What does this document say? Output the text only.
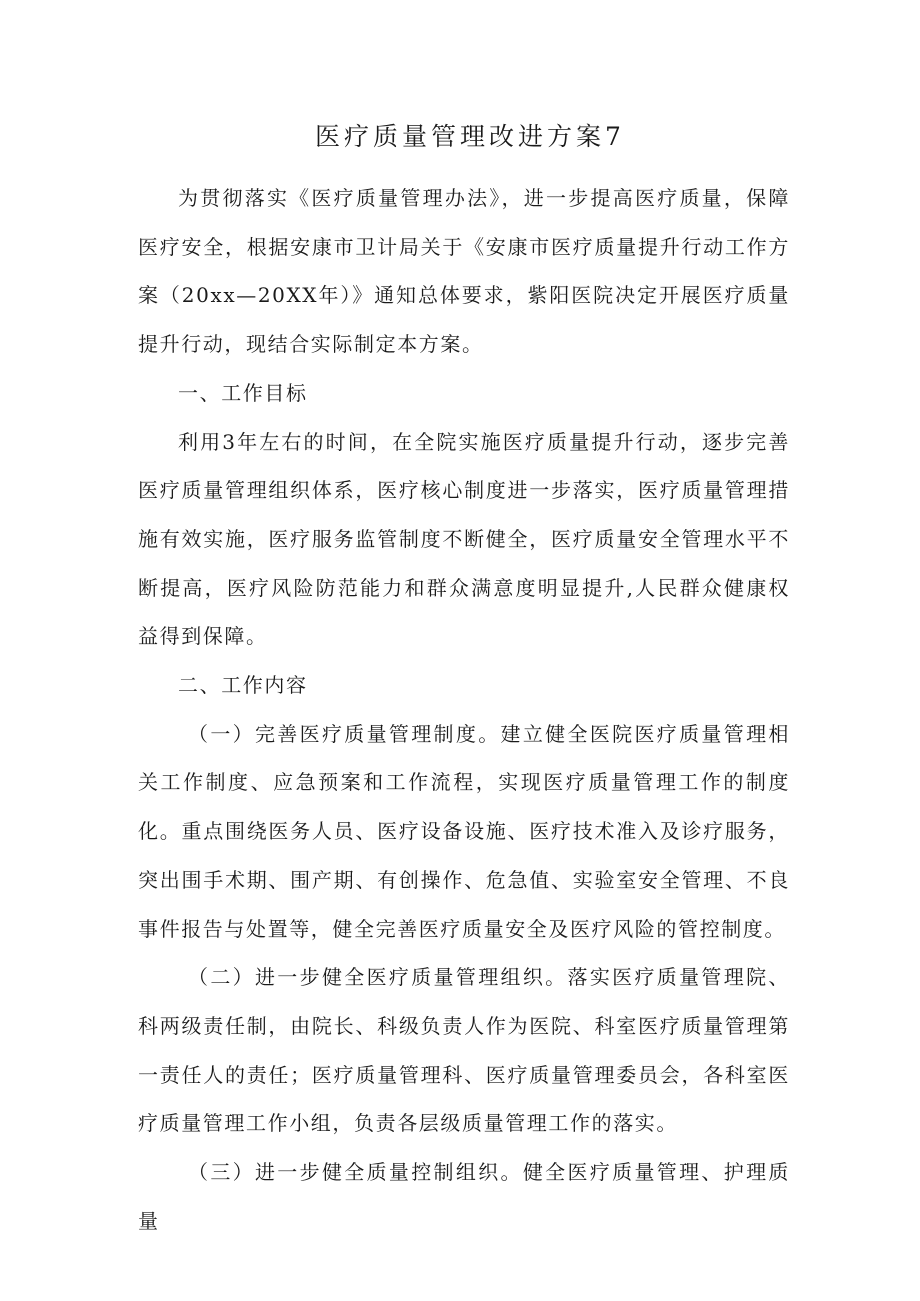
医疗质量管理改进方案7

为贯彻落实《医疗质量管理办法》，进一步提高医疗质量，保障医疗安全，根据安康市卫计局关于《安康市医疗质量提升行动工作方案（20xx—20XX年）》通知总体要求，紫阳医院决定开展医疗质量提升行动，现结合实际制定本方案。

一、工作目标

利用3年左右的时间，在全院实施医疗质量提升行动，逐步完善医疗质量管理组织体系，医疗核心制度进一步落实，医疗质量管理措施有效实施，医疗服务监管制度不断健全，医疗质量安全管理水平不断提高，医疗风险防范能力和群众满意度明显提升,人民群众健康权益得到保障。

二、工作内容

（一）完善医疗质量管理制度。建立健全医院医疗质量管理相关工作制度、应急预案和工作流程，实现医疗质量管理工作的制度化。重点围绕医务人员、医疗设备设施、医疗技术准入及诊疗服务，突出围手术期、围产期、有创操作、危急值、实验室安全管理、不良事件报告与处置等，健全完善医疗质量安全及医疗风险的管控制度。

（二）进一步健全医疗质量管理组织。落实医疗质量管理院、科两级责任制，由院长、科级负责人作为医院、科室医疗质量管理第一责任人的责任；医疗质量管理科、医疗质量管理委员会，各科室医疗质量管理工作小组，负责各层级质量管理工作的落实。

（三）进一步健全质量控制组织。健全医疗质量管理、护理质量
